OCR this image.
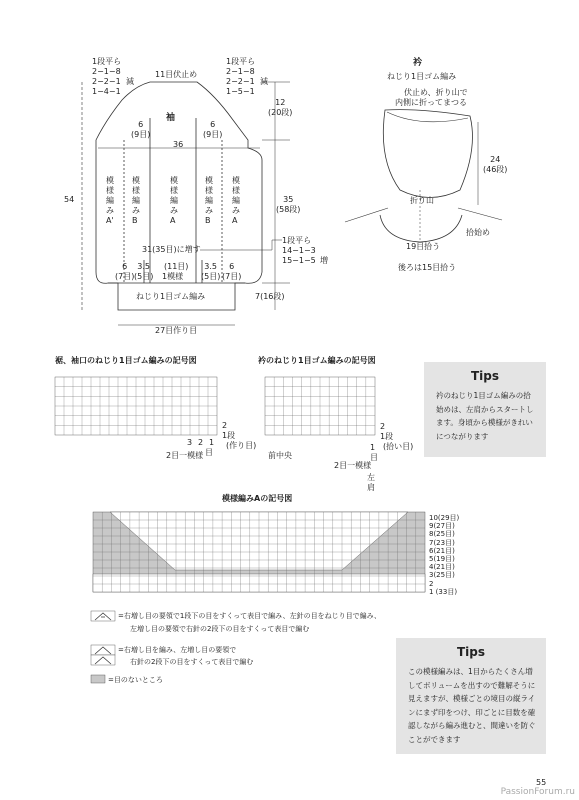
1段平ら
2−1−8
2−2−1
1−4−1
減
11目伏止め
1段平ら
2−1−8
2−2−1
1−5−1
減
12
(20段)
袖
6
(9目)
6
(9目)
36
54	35
(58段)
模様編みA'
模様編みB
模様編みA
模様編みB
模様編みA
31(35目)に増す
1模様
1段平ら
14−1−3
15−1−5 増
6
(7目)
3.5
(5目)
(11目)	3.5
(5目)
6
(7目)
ねじり1目ゴム編み	7(16段)
27目作り目
衿
ねじり1目ゴム編み
伏止め、折り山で
内側に折ってまつる
24
(46段)
折り山
拾始め
19目拾う
後ろは15目拾う
裾、袖口のねじり1目ゴム編みの記号図
2
1段
(作り目)
3 2 1
目
2目一模様
衿のねじり1目ゴム編みの記号図
2
1段
(拾い目)
1
目
前中央
2目一模様
左肩
Tips
衿のねじり1目ゴム編みの拾始めは、左肩からスタートします。身頃から模様がきれいにつながります
模様編みAの記号図
10(29目)
9(27目)
8(25目)
7(23目)
6(21目)
5(19目)
4(21目)
3(25目)
2
1 (33目)
=右増し目の要領で1段下の目をすくって表目で編み、左針の目をねじり目で編み、
左増し目の要領で右針の2段下の目をすくって表目で編む
=右増し目を編み、左増し目の要領で
右針の2段下の目をすくって表目で編む
=目のないところ
Tips
この模様編みは、1目からたくさん増してボリュームを出すので難解そうに見えますが、模様ごとの境目の縦ラインにまず印をつけ、印ごとに目数を確認しながら編み進むと、間違いを防ぐことができます
55
PassionForum.ru
